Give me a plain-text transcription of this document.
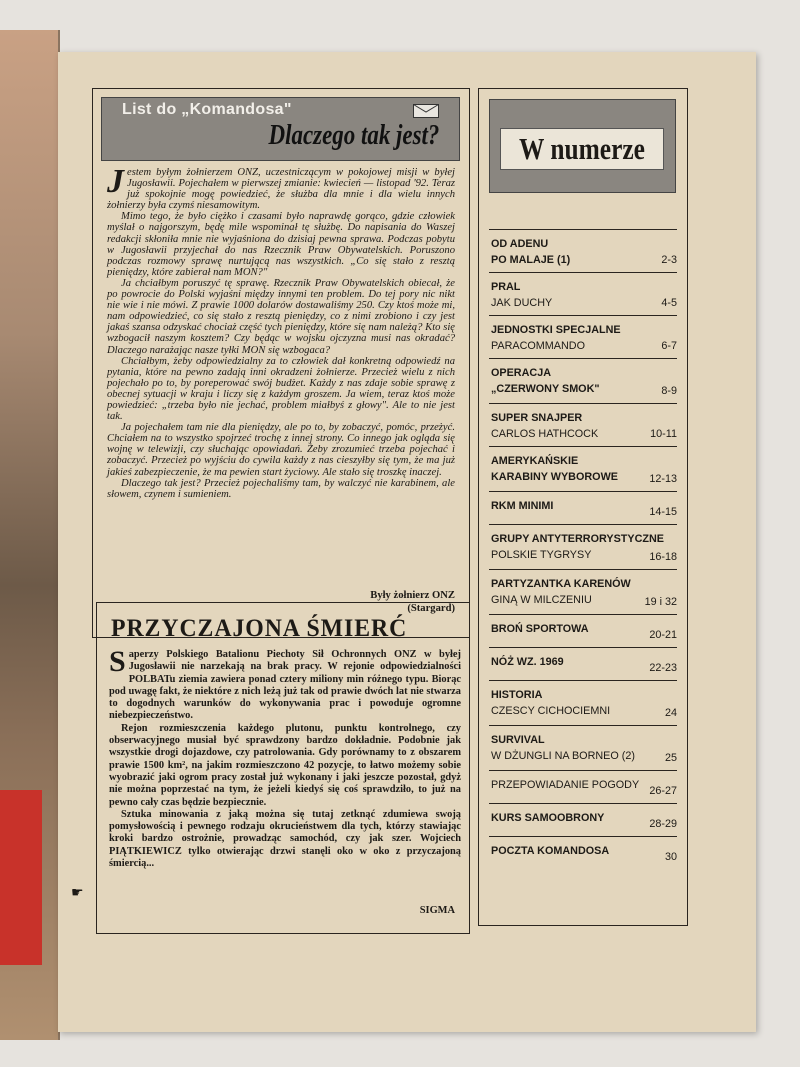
List do „Komandosa"
Dlaczego tak jest?

Jestem byłym żołnierzem ONZ, uczestniczącym w pokojowej misji w byłej Jugosławii. Pojechałem w pierwszej zmianie: kwiecień — listopad '92. Teraz już spokojnie mogę powiedzieć, że służba dla mnie i dla wielu innych żołnierzy była czymś niesamowitym.

Mimo tego, że było ciężko i czasami było naprawdę gorąco, gdzie człowiek myślał o najgorszym, będę mile wspominał tę służbę. Do napisania do Waszej redakcji skłoniła mnie nie wyjaśniona do dzisiaj pewna sprawa. Podczas pobytu w Jugosławii przyjechał do nas Rzecznik Praw Obywatelskich. Poruszono podczas rozmowy sprawę nurtującą nas wszystkich. „Co się stało z resztą pieniędzy, które zabierał nam MON?"

Ja chciałbym poruszyć tę sprawę. Rzecznik Praw Obywatelskich obiecał, że po powrocie do Polski wyjaśni między innymi ten problem. Do tej pory nic nikt nie wie i nie mówi. Z prawie 1000 dolarów dostawaliśmy 250. Czy ktoś może mi, nam odpowiedzieć, co się stało z resztą pieniędzy, co z nimi zrobiono i czy jest jakaś szansa odzyskać chociaż część tych pieniędzy, które się nam należą? Kto się wzbogacił naszym kosztem? Czy będąc w wojsku ojczyzna musi nas okradać? Dlaczego narażając nasze tyłki MON się wzbogaca?

Chciałbym, żeby odpowiedzialny za to człowiek dał konkretną odpowiedź na pytania, które na pewno zadają inni okradzeni żołnierze. Przecież wielu z nich pojechało po to, by poreperować swój budżet. Każdy z nas zdaje sobie sprawę z obecnej sytuacji w kraju i liczy się z każdym groszem. Ja wiem, teraz ktoś może powiedzieć: „trzeba było nie jechać, problem miałbyś z głowy". Ale to nie jest tak.

Ja pojechałem tam nie dla pieniędzy, ale po to, by zobaczyć, pomóc, przeżyć. Chciałem na to wszystko spojrzeć trochę z innej strony. Co innego jak ogląda się wojnę w telewizji, czy słuchając opowiadań. Żeby zrozumieć trzeba pojechać i zobaczyć. Przecież po wyjściu do cywila każdy z nas cieszyłby się tym, że ma już jakieś zabezpieczenie, że ma pewien start życiowy. Ale stało się troszkę inaczej.

Dlaczego tak jest? Przecież pojechaliśmy tam, by walczyć nie karabinem, ale słowem, czynem i sumieniem.

Były żołnierz ONZ
(Stargard)
PRZYCZAJONA ŚMIERĆ

Saperzy Polskiego Batalionu Piechoty Sił Ochronnych ONZ w byłej Jugosławii nie narzekają na brak pracy. W rejonie odpowiedzialności POLBATu ziemia zawiera ponad cztery miliony min różnego typu. Biorąc pod uwagę fakt, że niektóre z nich leżą już tak od prawie dwóch lat nie stwarza to dogodnych warunków do wykonywania prac i powoduje ogromne niebezpieczeństwo.

Rejon rozmieszczenia każdego plutonu, punktu kontrolnego, czy obserwacyjnego musiał być sprawdzony bardzo dokładnie. Podobnie jak wszystkie drogi dojazdowe, czy patrolowania. Gdy porównamy to z obszarem prawie 1500 km², na jakim rozmieszczono 42 pozycje, to łatwo możemy sobie wyobrazić jaki ogrom pracy został już wykonany i jaki jeszcze pozostał, gdyż nie można poprzestać na tym, że jeżeli kiedyś się coś sprawdziło, to już na pewno cały czas będzie bezpiecznie.

Sztuka minowania z jaką można się tutaj zetknąć zdumiewa swoją pomysłowością i pewnego rodzaju okrucieństwem dla tych, którzy stawiając kroki bardzo ostrożnie, prowadząc samochód, czy jak szer. Wojciech PIĄTKIEWICZ tylko otwierając drzwi stanęli oko w oko z przyczajoną śmiercią...

☛
SIGMA
W numerze
OD ADENU
PO MALAJE (1)	2-3
PRAL
JAK DUCHY	4-5
JEDNOSTKI SPECJALNE
PARACOMMANDO	6-7
OPERACJA
„CZERWONY SMOK"	8-9
SUPER SNAJPER
CARLOS HATHCOCK	10-11
AMERYKAŃSKIE
KARABINY WYBOROWE	12-13
RKM MINIMI	14-15
GRUPY ANTYTERRORYSTYCZNE
POLSKIE TYGRYSY	16-18
PARTYZANTKA KARENÓW
GINĄ W MILCZENIU	19 i 32
BROŃ SPORTOWA	20-21
NÓŻ WZ. 1969	22-23
HISTORIA
CZESCY CICHOCIEMNI	24
SURVIVAL
W DŻUNGLI NA BORNEO (2)	25
PRZEPOWIADANIE POGODY 26-27
KURS SAMOOBRONY	28-29
POCZTA KOMANDOSA	30
